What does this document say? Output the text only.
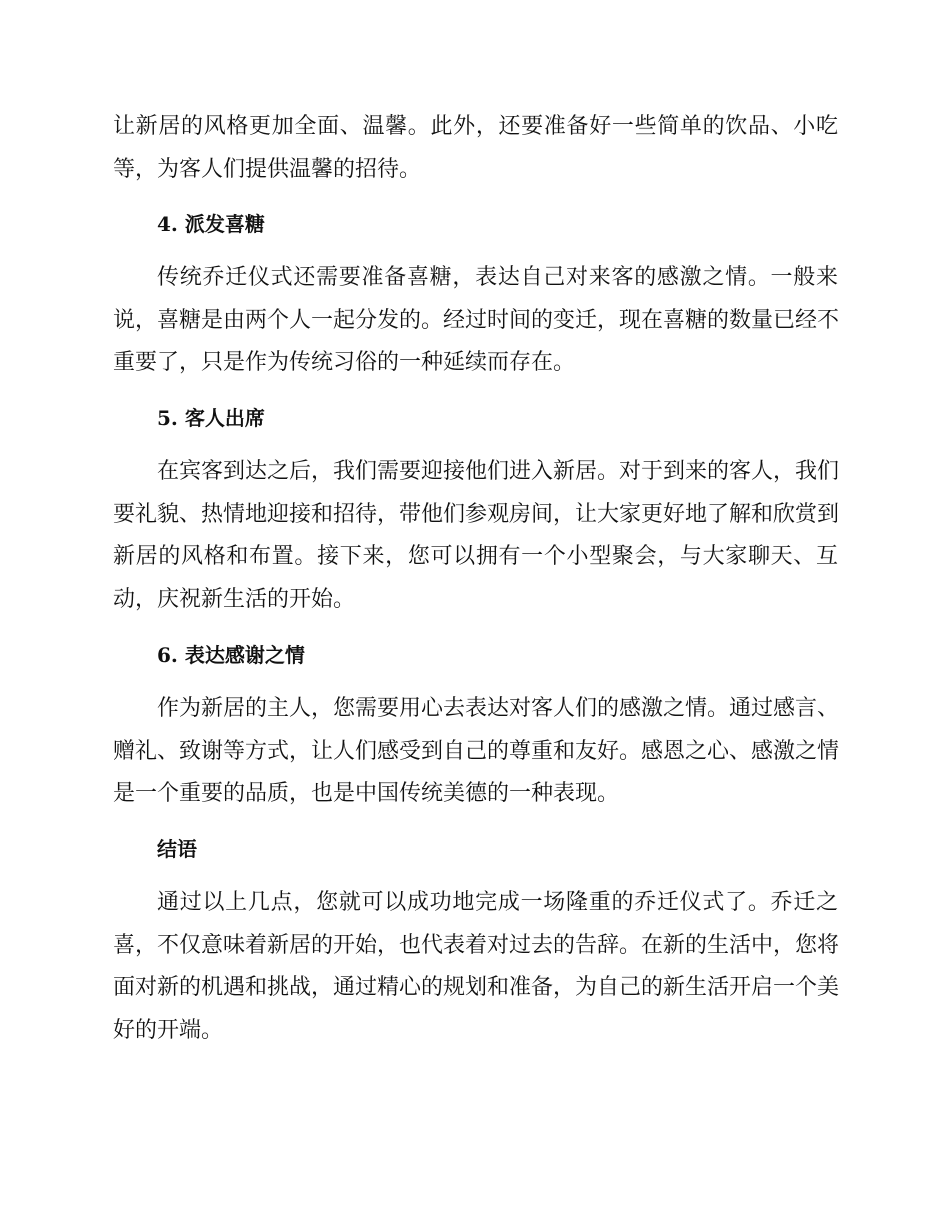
让新居的风格更加全面、温馨。此外，还要准备好一些简单的饮品、小吃
等，为客人们提供温馨的招待。
4. 派发喜糖
传统乔迁仪式还需要准备喜糖，表达自己对来客的感激之情。一般来
说，喜糖是由两个人一起分发的。经过时间的变迁，现在喜糖的数量已经不
重要了，只是作为传统习俗的一种延续而存在。
5. 客人出席
在宾客到达之后，我们需要迎接他们进入新居。对于到来的客人，我们
要礼貌、热情地迎接和招待，带他们参观房间，让大家更好地了解和欣赏到
新居的风格和布置。接下来，您可以拥有一个小型聚会，与大家聊天、互
动，庆祝新生活的开始。
6. 表达感谢之情
作为新居的主人，您需要用心去表达对客人们的感激之情。通过感言、
赠礼、致谢等方式，让人们感受到自己的尊重和友好。感恩之心、感激之情
是一个重要的品质，也是中国传统美德的一种表现。
结语
通过以上几点，您就可以成功地完成一场隆重的乔迁仪式了。乔迁之
喜，不仅意味着新居的开始，也代表着对过去的告辞。在新的生活中，您将
面对新的机遇和挑战，通过精心的规划和准备，为自己的新生活开启一个美
好的开端。
